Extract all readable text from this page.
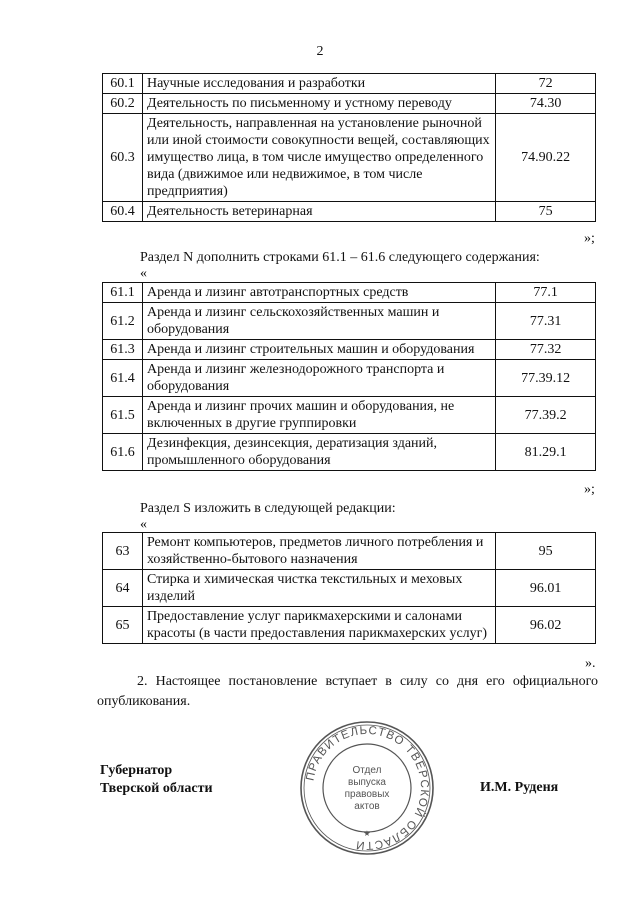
2
60.1	Научные исследования и разработки	72
60.2	Деятельность по письменному и устному переводу	74.30
60.3	Деятельность, направленная на установление рыночной или иной стоимости совокупности вещей, составляющих имущество лица, в том числе имущество определенного вида (движимое или недвижимое, в том числе предприятия)	74.90.22
60.4	Деятельность ветеринарная	75
»;
Раздел N дополнить строками 61.1 – 61.6 следующего содержания:
«
61.1	Аренда и лизинг автотранспортных средств	77.1
61.2	Аренда и лизинг сельскохозяйственных машин и оборудования	77.31
61.3	Аренда и лизинг строительных машин и оборудования	77.32
61.4	Аренда и лизинг железнодорожного транспорта и оборудования	77.39.12
61.5	Аренда и лизинг прочих машин и оборудования, не включенных в другие группировки	77.39.2
61.6	Дезинфекция, дезинсекция, дератизация зданий, промышленного оборудования	81.29.1
»;
Раздел S изложить в следующей редакции:
«
63	Ремонт компьютеров, предметов личного потребления и хозяйственно-бытового назначения	95
64	Стирка и химическая чистка текстильных и меховых изделий	96.01
65	Предоставление услуг парикмахерскими и салонами красоты (в части предоставления парикмахерских услуг)	96.02
».
2. Настоящее постановление вступает в силу со дня его официального опубликования.
Губернатор
Тверской области
ПРАВИТЕЛЬСТВО ТВЕРСКОЙ ОБЛАСТИ
★
Отдел
выпуска
правовых
актов
И.М. Руденя
